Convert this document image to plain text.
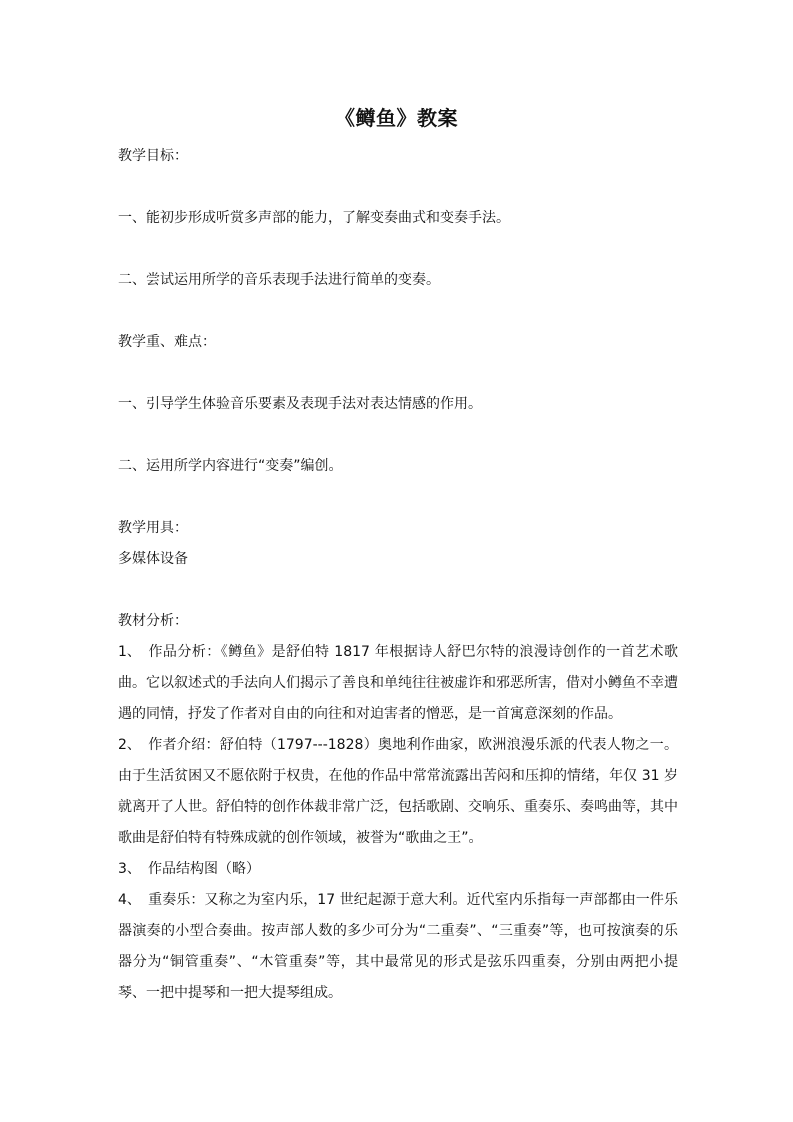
《鳟鱼》教案
教学目标：
一、能初步形成听赏多声部的能力，了解变奏曲式和变奏手法。
二、尝试运用所学的音乐表现手法进行简单的变奏。
教学重、难点：
一、引导学生体验音乐要素及表现手法对表达情感的作用。
二、运用所学内容进行“变奏”编创。
教学用具：
多媒体设备
教材分析：
1、 作品分析：《鳟鱼》是舒伯特 1817 年根据诗人舒巴尔特的浪漫诗创作的一首艺术歌曲。它以叙述式的手法向人们揭示了善良和单纯往往被虚诈和邪恶所害，借对小鳟鱼不幸遭遇的同情，抒发了作者对自由的向往和对迫害者的憎恶，是一首寓意深刻的作品。
2、 作者介绍：舒伯特（1797---1828）奥地利作曲家，欧洲浪漫乐派的代表人物之一。由于生活贫困又不愿依附于权贵，在他的作品中常常流露出苦闷和压抑的情绪，年仅 31 岁就离开了人世。舒伯特的创作体裁非常广泛，包括歌剧、交响乐、重奏乐、奏鸣曲等，其中歌曲是舒伯特有特殊成就的创作领域，被誉为“歌曲之王”。
3、 作品结构图（略）
4、 重奏乐：又称之为室内乐，17 世纪起源于意大利。近代室内乐指每一声部都由一件乐器演奏的小型合奏曲。按声部人数的多少可分为“二重奏”、“三重奏”等，也可按演奏的乐器分为“铜管重奏”、“木管重奏”等，其中最常见的形式是弦乐四重奏，分别由两把小提琴、一把中提琴和一把大提琴组成。
